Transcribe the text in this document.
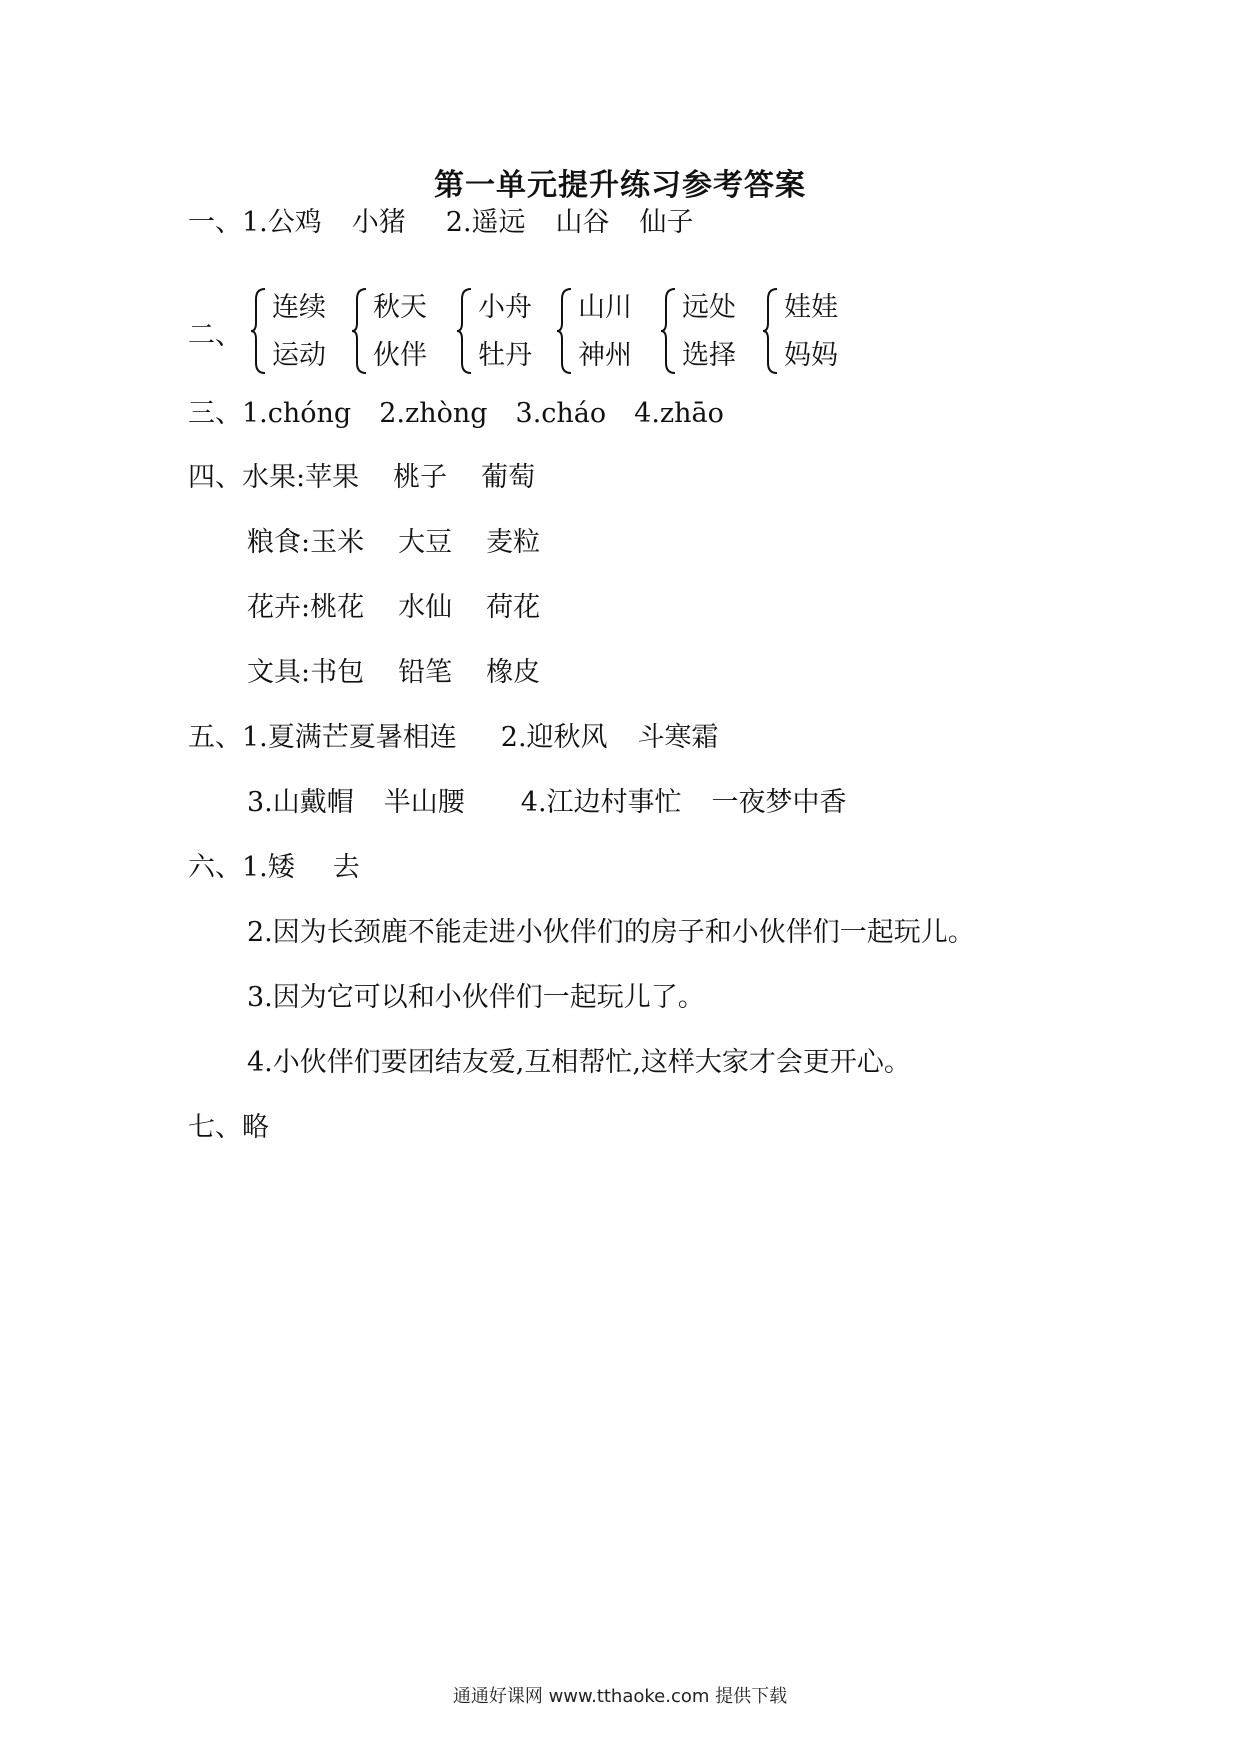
第一单元提升练习参考答案
一、1.公鸡 小猪 2.遥远 山谷 仙子
二、
连续
运动
秋天
伙伴
小舟
牡丹
山川
神州
远处
选择
娃娃
妈妈
三、1.chóng 2.zhòng 3.cháo 4.zhāo
四、水果:苹果 桃子 葡萄
粮食:玉米 大豆 麦粒
花卉:桃花 水仙 荷花
文具:书包 铅笔 橡皮
五、1.夏满芒夏暑相连 2.迎秋风 斗寒霜
3.山戴帽 半山腰 4.江边村事忙 一夜梦中香
六、1.矮 去
2.因为长颈鹿不能走进小伙伴们的房子和小伙伴们一起玩儿。
3.因为它可以和小伙伴们一起玩儿了。
4.小伙伴们要团结友爱,互相帮忙,这样大家才会更开心。
七、略
通通好课网 www.tthaoke.com 提供下载
